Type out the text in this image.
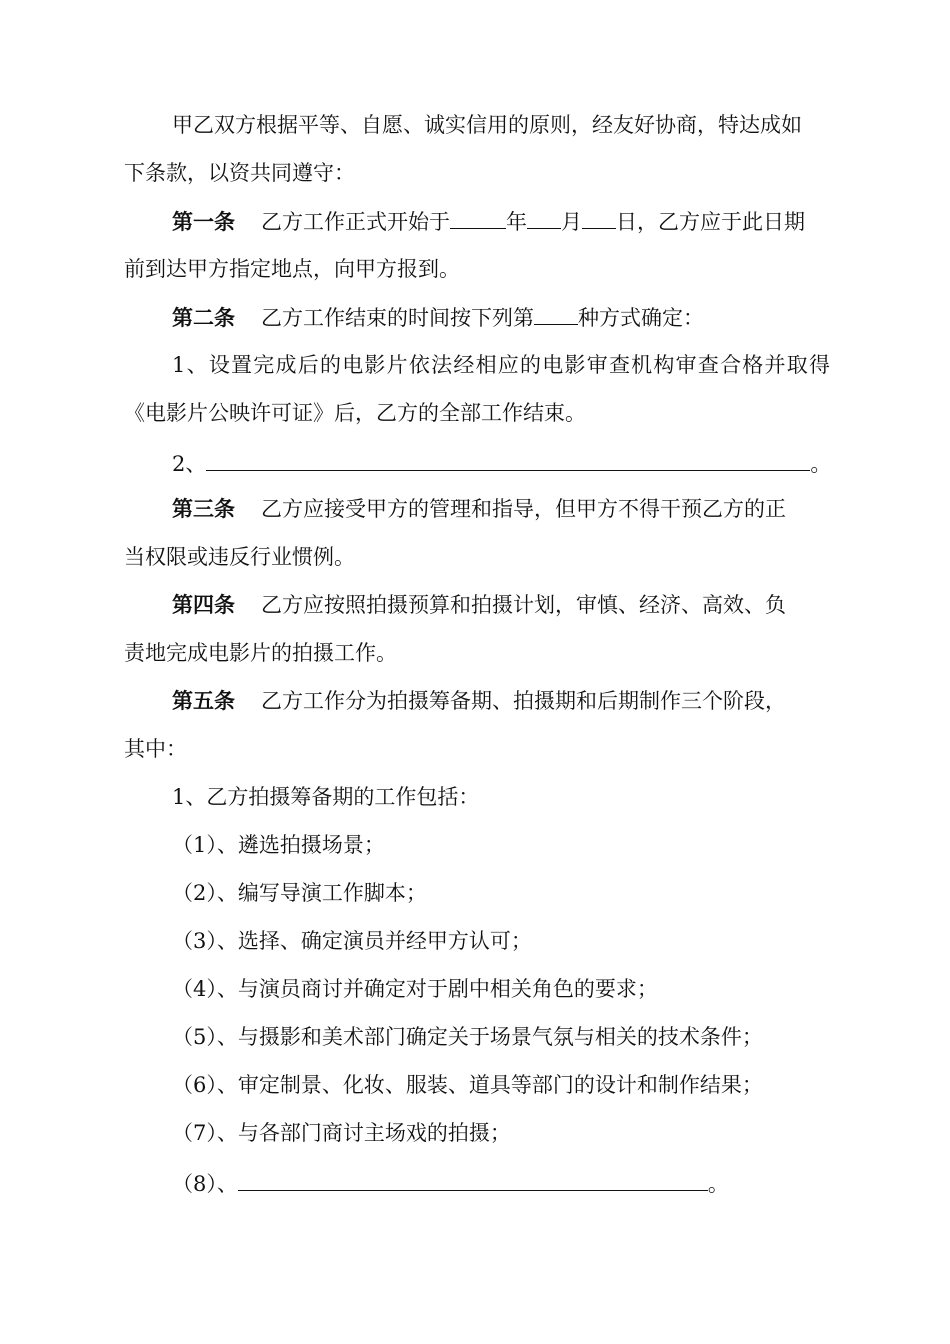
甲乙双方根据平等、自愿、诚实信用的原则，经友好协商，特达成如
下条款，以资共同遵守：
第一条 乙方工作正式开始于	年 月 日，乙方应于此日期
前到达甲方指定地点，向甲方报到。
第二条 乙方工作结束的时间按下列第 种方式确定：
1、设置完成后的电影片依法经相应的电影审查机构审查合格并取得
《电影片公映许可证》后，乙方的全部工作结束。
2、	。
第三条 乙方应接受甲方的管理和指导，但甲方不得干预乙方的正
当权限或违反行业惯例。
第四条 乙方应按照拍摄预算和拍摄计划，审慎、经济、高效、负
责地完成电影片的拍摄工作。
第五条 乙方工作分为拍摄筹备期、拍摄期和后期制作三个阶段，
其中：
1、乙方拍摄筹备期的工作包括：
（1）、遴选拍摄场景；
（2）、编写导演工作脚本；
（3）、选择、确定演员并经甲方认可；
（4）、与演员商讨并确定对于剧中相关角色的要求；
（5）、与摄影和美术部门确定关于场景气氛与相关的技术条件；
（6）、审定制景、化妆、服装、道具等部门的设计和制作结果；
（7）、与各部门商讨主场戏的拍摄；
（8）、	。
